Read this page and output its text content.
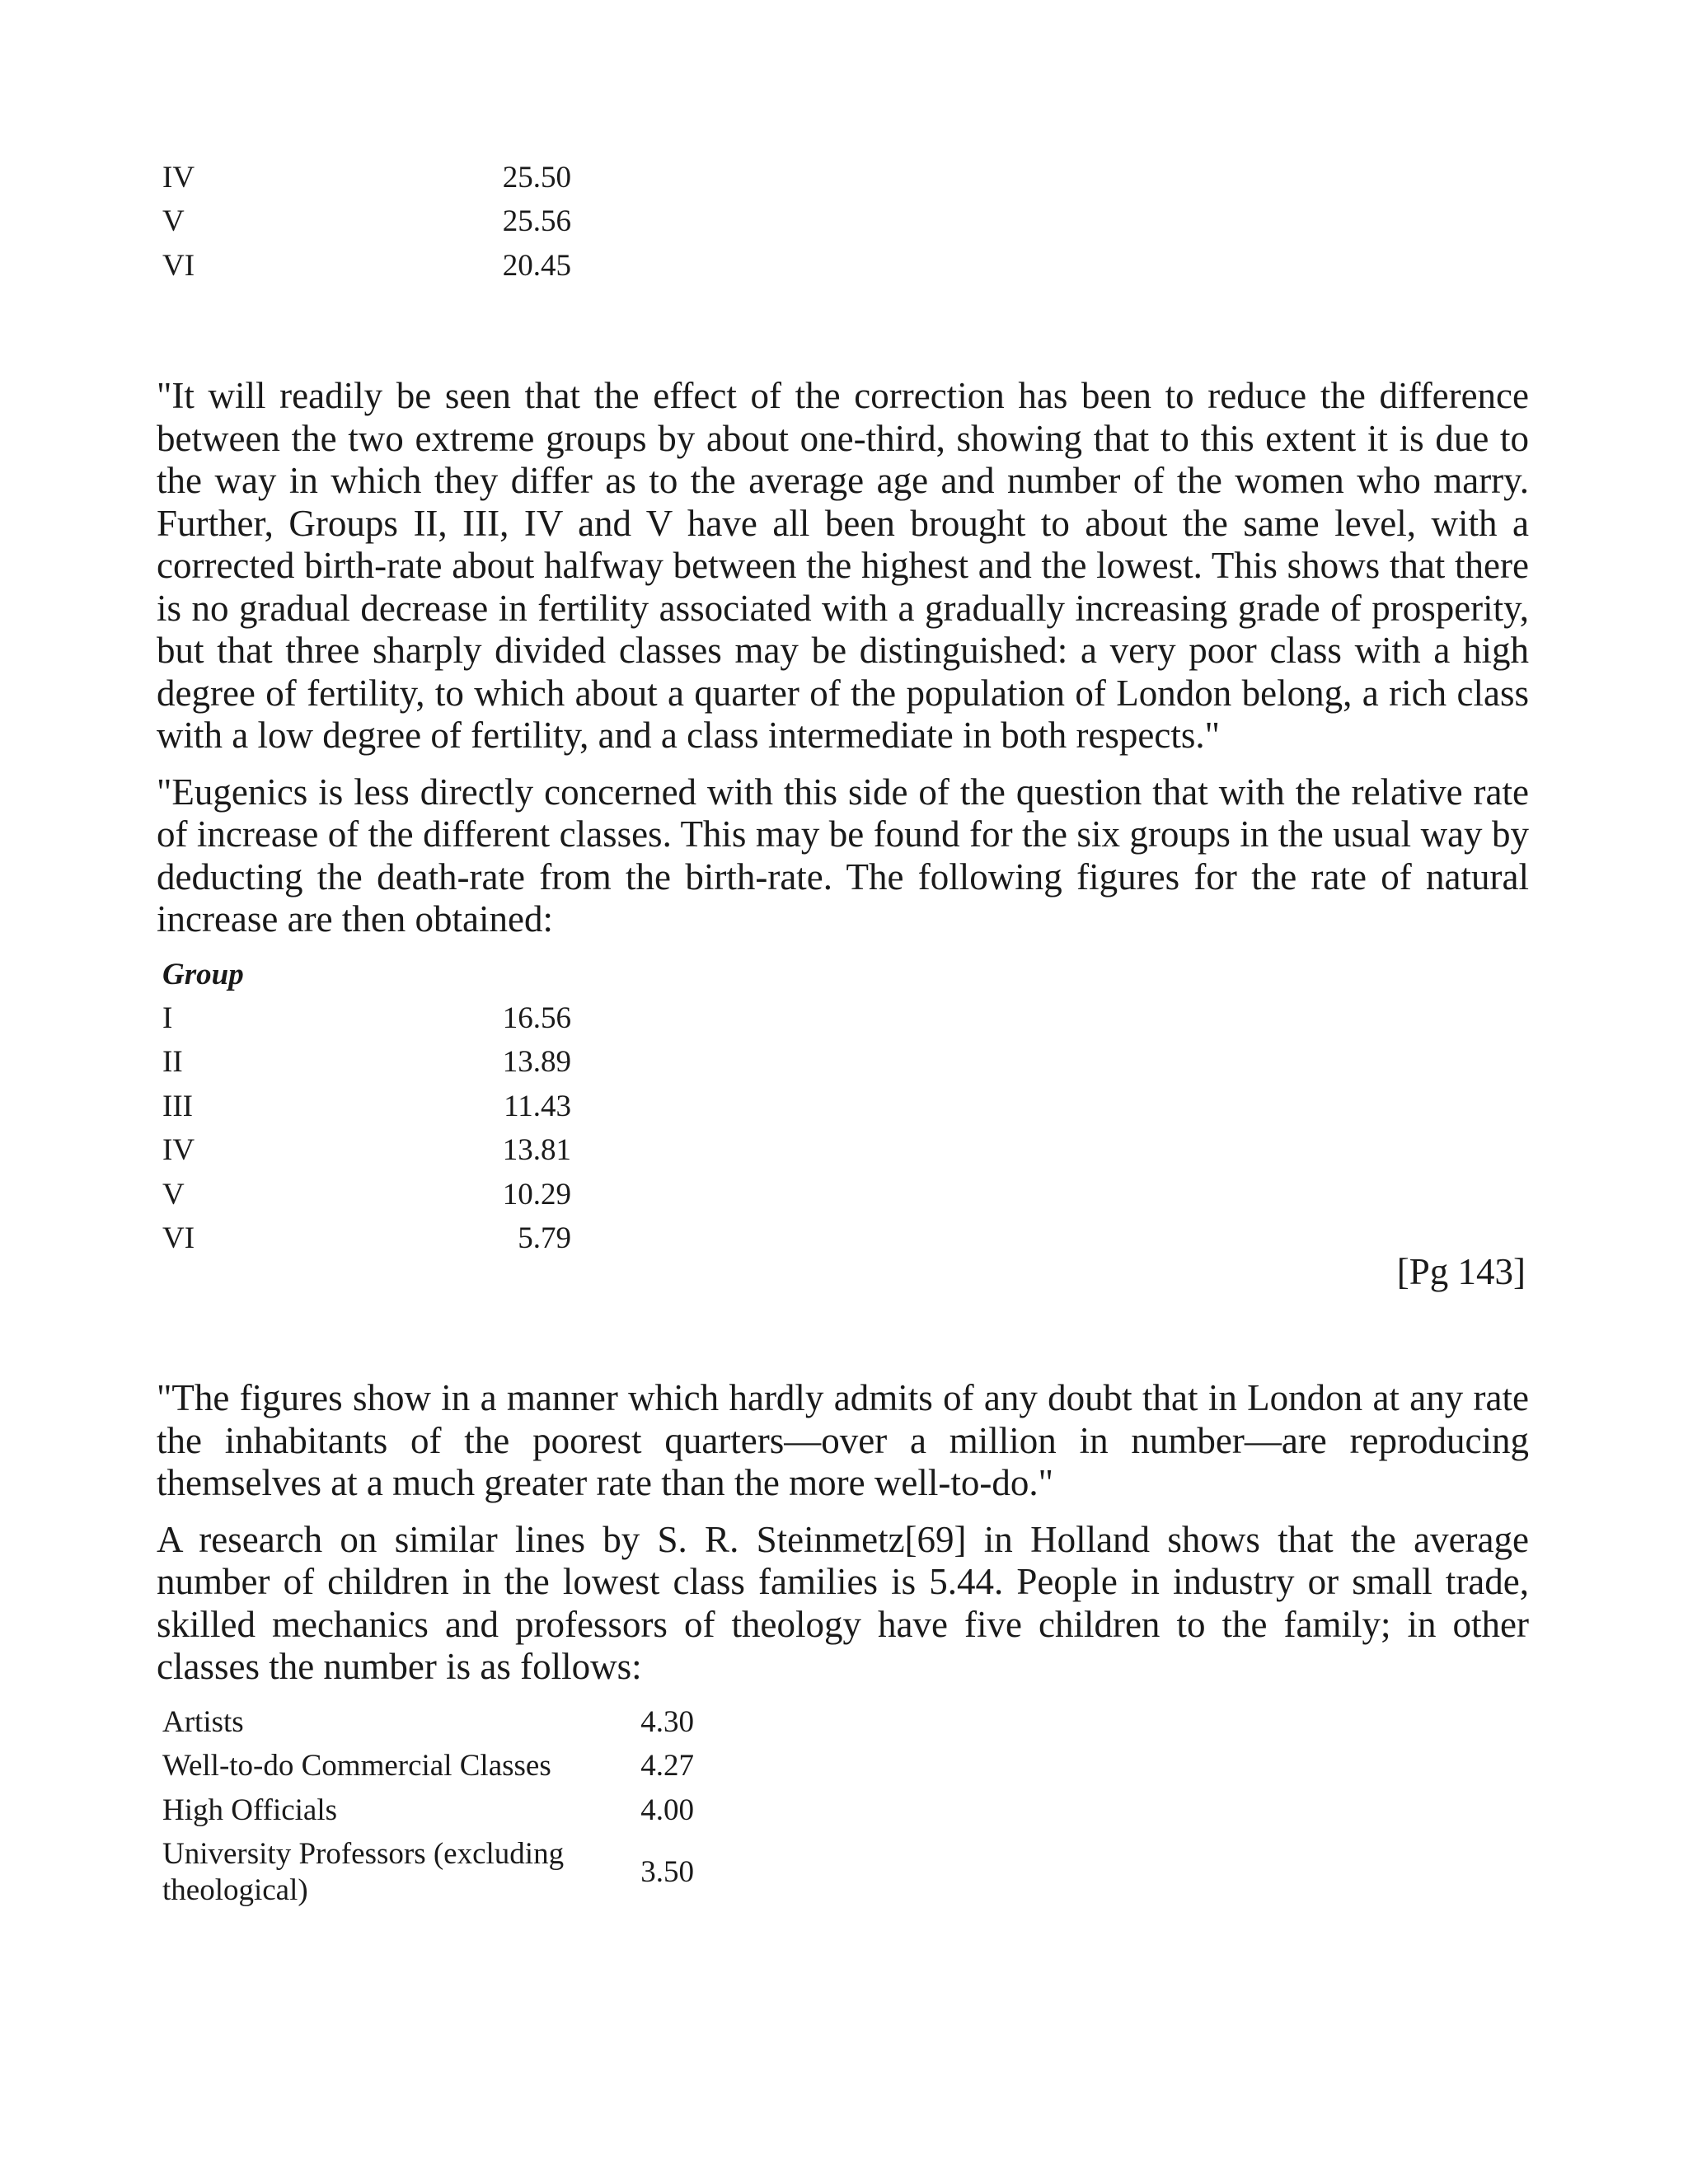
IV	25.50
V	25.56
VI	20.45

"It will readily be seen that the effect of the correction has been to reduce the difference between the two extreme groups by about one-third, showing that to this extent it is due to the way in which they differ as to the average age and number of the women who marry. Further, Groups II, III, IV and V have all been brought to about the same level, with a corrected birth-rate about halfway between the highest and the lowest. This shows that there is no gradual decrease in fertility associated with a gradually increasing grade of prosperity, but that three sharply divided classes may be distinguished: a very poor class with a high degree of fertility, to which about a quarter of the population of London belong, a rich class with a low degree of fertility, and a class intermediate in both respects."

"Eugenics is less directly concerned with this side of the question that with the relative rate of increase of the different classes. This may be found for the six groups in the usual way by deducting the death-rate from the birth-rate. The following figures for the rate of natural increase are then obtained:

Group	
I	16.56
II	13.89
III	11.43
IV	13.81
V	10.29
VI	5.79
[Pg 143]

"The figures show in a manner which hardly admits of any doubt that in London at any rate the inhabitants of the poorest quarters—over a million in number—are reproducing themselves at a much greater rate than the more well-to-do."

A research on similar lines by S. R. Steinmetz[69] in Holland shows that the average number of children in the lowest class families is 5.44. People in industry or small trade, skilled mechanics and professors of theology have five children to the family; in other classes the number is as follows:

Artists	4.30
Well-to-do Commercial Classes	4.27
High Officials	4.00
University Professors (excluding theological)	3.50
